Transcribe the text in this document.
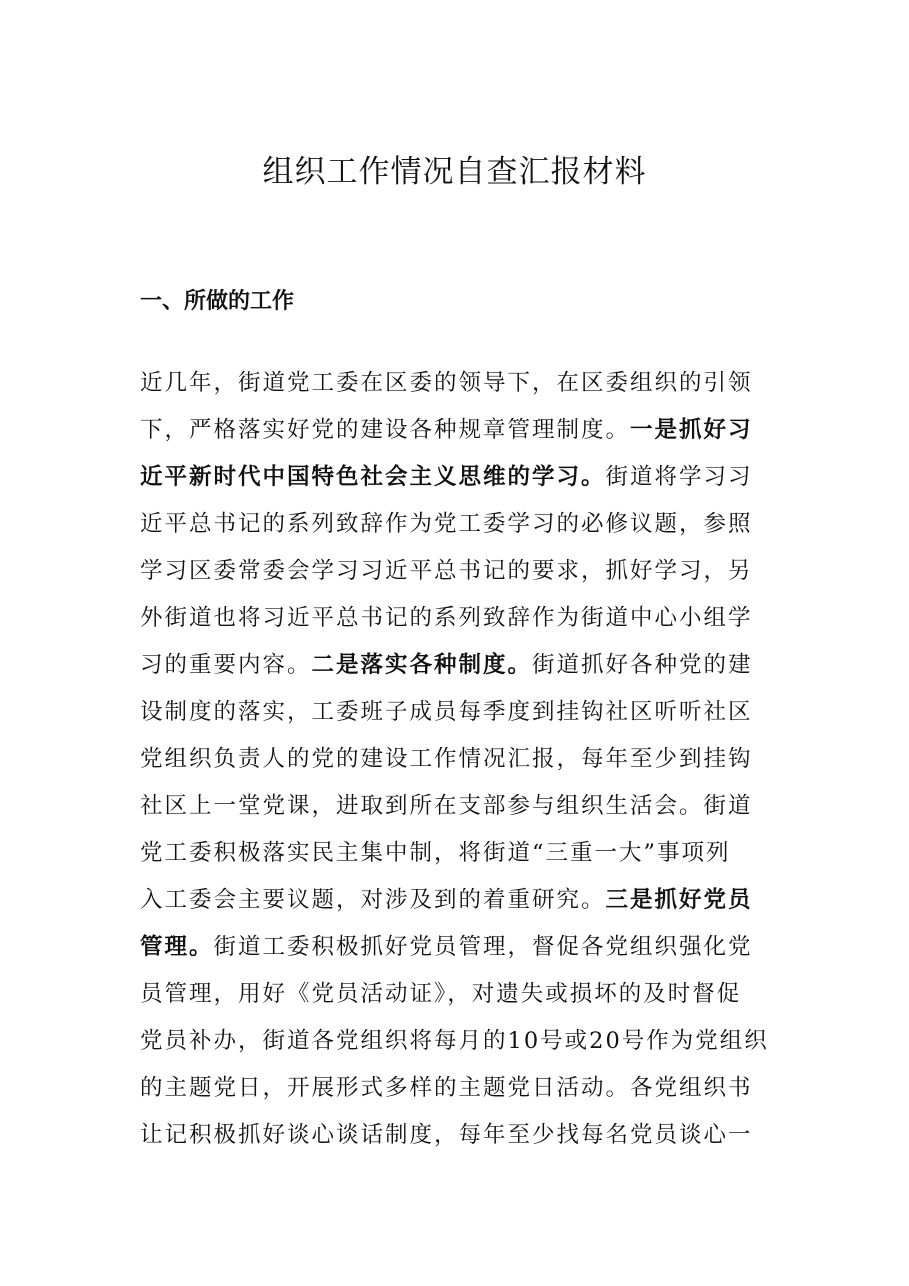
组织工作情况自查汇报材料
一、所做的工作
近几年，街道党工委在区委的领导下，在区委组织的引领
下，严格落实好党的建设各种规章管理制度。一是抓好习
近平新时代中国特色社会主义思维的学习。街道将学习习
近平总书记的系列致辞作为党工委学习的必修议题，参照
学习区委常委会学习习近平总书记的要求，抓好学习，另
外街道也将习近平总书记的系列致辞作为街道中心小组学
习的重要内容。二是落实各种制度。街道抓好各种党的建
设制度的落实，工委班子成员每季度到挂钩社区听听社区
党组织负责人的党的建设工作情况汇报，每年至少到挂钩
社区上一堂党课，进取到所在支部参与组织生活会。街道
党工委积极落实民主集中制，将街道“三重一大”事项列
入工委会主要议题，对涉及到的着重研究。三是抓好党员
管理。街道工委积极抓好党员管理，督促各党组织强化党
员管理，用好《党员活动证》，对遗失或损坏的及时督促
党员补办，街道各党组织将每月的10号或20号作为党组织
的主题党日，开展形式多样的主题党日活动。各党组织书
让记积极抓好谈心谈话制度，每年至少找每名党员谈心一
